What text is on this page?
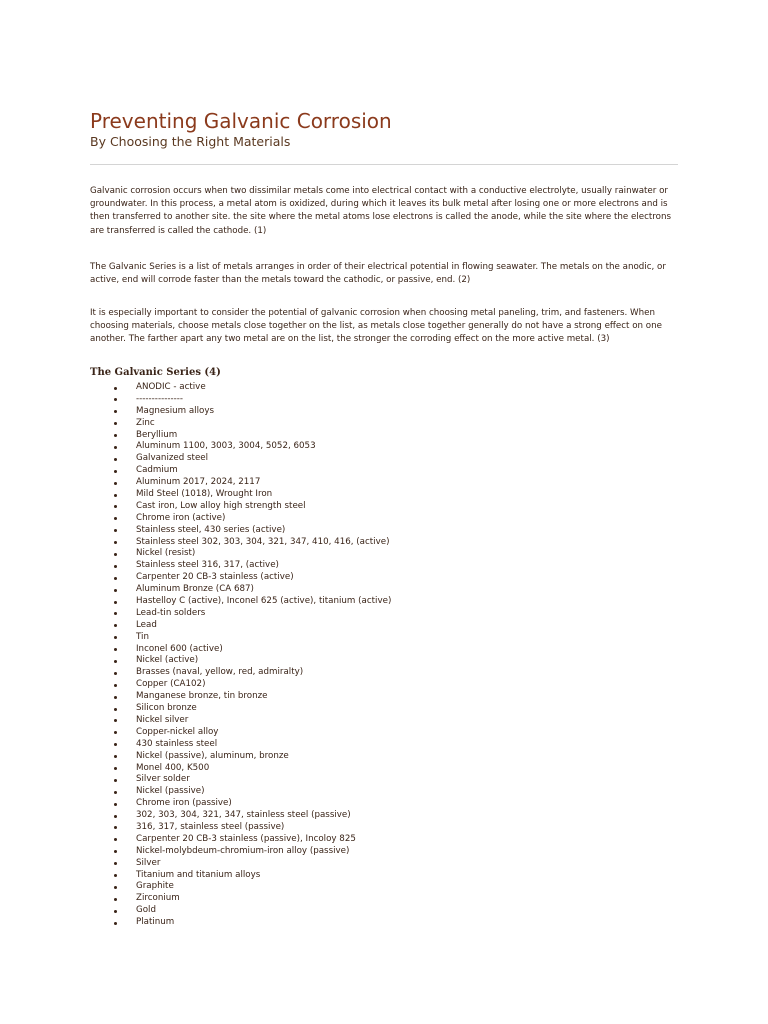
Preventing Galvanic Corrosion
By Choosing the Right Materials

Galvanic corrosion occurs when two dissimilar metals come into electrical contact with a conductive electrolyte, usually rainwater or groundwater. In this process, a metal atom is oxidized, during which it leaves its bulk metal after losing one or more electrons and is then transferred to another site. the site where the metal atoms lose electrons is called the anode, while the site where the electrons are transferred is called the cathode. (1)

The Galvanic Series is a list of metals arranges in order of their electrical potential in flowing seawater. The metals on the anodic, or active, end will corrode faster than the metals toward the cathodic, or passive, end. (2)

It is especially important to consider the potential of galvanic corrosion when choosing metal paneling, trim, and fasteners. When choosing materials, choose metals close together on the list, as metals close together generally do not have a strong effect on one another. The farther apart any two metal are on the list, the stronger the corroding effect on the more active metal. (3)

The Galvanic Series (4)
ANODIC - active
---------------
Magnesium alloys
Zinc
Beryllium
Aluminum 1100, 3003, 3004, 5052, 6053
Galvanized steel
Cadmium
Aluminum 2017, 2024, 2117
Mild Steel (1018), Wrought Iron
Cast iron, Low alloy high strength steel
Chrome iron (active)
Stainless steel, 430 series (active)
Stainless steel 302, 303, 304, 321, 347, 410, 416, (active)
Nickel (resist)
Stainless steel 316, 317, (active)
Carpenter 20 CB-3 stainless (active)
Aluminum Bronze (CA 687)
Hastelloy C (active), Inconel 625 (active), titanium (active)
Lead-tin solders
Lead
Tin
Inconel 600 (active)
Nickel (active)
Brasses (naval, yellow, red, admiralty)
Copper (CA102)
Manganese bronze, tin bronze
Silicon bronze
Nickel silver
Copper-nickel alloy
430 stainless steel
Nickel (passive), aluminum, bronze
Monel 400, K500
Silver solder
Nickel (passive)
Chrome iron (passive)
302, 303, 304, 321, 347, stainless steel (passive)
316, 317, stainless steel (passive)
Carpenter 20 CB-3 stainless (passive), Incoloy 825
Nickel-molybdeum-chromium-iron alloy (passive)
Silver
Titanium and titanium alloys
Graphite
Zirconium
Gold
Platinum
